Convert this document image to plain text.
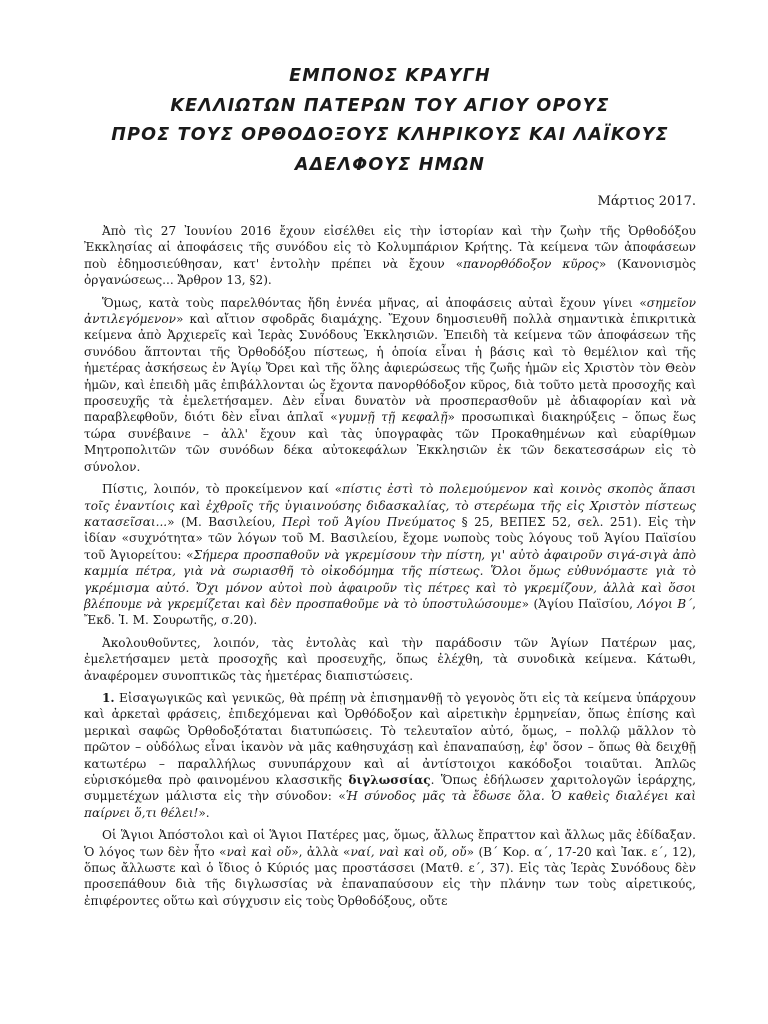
ΕΜΠΟΝΟΣ ΚΡΑΥΓΗ

ΚΕΛΛΙΩΤΩΝ ΠΑΤΕΡΩΝ ΤΟΥ ΑΓΙΟΥ ΟΡΟΥΣ

ΠΡΟΣ ΤΟΥΣ ΟΡΘΟΔΟΞΟΥΣ ΚΛΗΡΙΚΟΥΣ ΚΑΙ ΛΑΪΚΟΥΣ

ΑΔΕΛΦΟΥΣ ΗΜΩΝ

Μάρτιος 2017.

Ἀπὸ τὶς 27 Ἰουνίου 2016 ἔχουν εἰσέλθει εἰς τὴν ἱστορίαν καὶ τὴν ζωὴν τῆς Ὀρθοδόξου Ἐκκλησίας αἱ ἀποφάσεις τῆς συνόδου εἰς τὸ Κολυμπάριον Κρήτης. Τὰ κείμενα τῶν ἀποφάσεων ποὺ ἐδημοσιεύθησαν, κατ' ἐντολὴν πρέπει νὰ ἔχουν «πανορθόδοξον κῦρος» (Κανονισμὸς ὀργανώσεως... Ἄρθρον 13, §2).

Ὅμως, κατὰ τοὺς παρελθόντας ἤδη ἐννέα μῆνας, αἱ ἀποφάσεις αὐταὶ ἔχουν γίνει «σημεῖον ἀντιλεγόμενον» καὶ αἴτιον σφοδρᾶς διαμάχης. Ἔχουν δημοσιευθῆ πολλὰ σημαντικὰ ἐπικριτικὰ κείμενα ἀπὸ Ἀρχιερεῖς καὶ Ἱερὰς Συνόδους Ἐκκλησιῶν. Ἐπειδὴ τὰ κείμενα τῶν ἀποφάσεων τῆς συνόδου ἅπτονται τῆς Ὀρθοδόξου πίστεως, ἡ ὁποία εἶναι ἡ βάσις καὶ τὸ θεμέλιον καὶ τῆς ἡμετέρας ἀσκήσεως ἐν Ἁγίῳ Ὄρει καὶ τῆς ὅλης ἀφιερώσεως τῆς ζωῆς ἡμῶν εἰς Χριστὸν τὸν Θεὸν ἡμῶν, καὶ ἐπειδὴ μᾶς ἐπιβάλλονται ὡς ἔχοντα πανορθόδοξον κῦρος, διὰ τοῦτο μετὰ προσοχῆς καὶ προσευχῆς τὰ ἐμελετήσαμεν. Δὲν εἶναι δυνατὸν νὰ προσπερασθοῦν μὲ ἀδιαφορίαν καὶ νὰ παραβλεφθοῦν, διότι δὲν εἶναι ἁπλαῖ «γυμνῇ τῇ κεφαλῇ» προσωπικαὶ διακηρύξεις – ὅπως ἕως τώρα συνέβαινε – ἀλλ' ἔχουν καὶ τὰς ὑπογραφὰς τῶν Προκαθημένων καὶ εὐαρίθμων Μητροπολιτῶν τῶν συνόδων δέκα αὐτοκεφάλων Ἐκκλησιῶν ἐκ τῶν δεκατεσσάρων εἰς τὸ σύνολον.

Πίστις, λοιπόν, τὸ προκείμενον καί «πίστις ἐστὶ τὸ πολεμούμενον καὶ κοινὸς σκοπὸς ἅπασι τοῖς ἐναντίοις καὶ ἐχθροῖς τῆς ὑγιαινούσης διδασκαλίας, τὸ στερέωμα τῆς εἰς Χριστὸν πίστεως κατασεῖσαι...» (Μ. Βασιλείου, Περὶ τοῦ Ἁγίου Πνεύματος § 25, ΒΕΠΕΣ 52, σελ. 251). Εἰς τὴν ἰδίαν «συχνότητα» τῶν λόγων τοῦ Μ. Βασιλείου, ἔχομε νωποὺς τοὺς λόγους τοῦ Ἁγίου Παϊσίου τοῦ Ἁγιορείτου: «Σήμερα προσπαθοῦν νὰ γκρεμίσουν τὴν πίστη, γι' αὐτὸ ἀφαιροῦν σιγά-σιγὰ ἀπὸ καμμία πέτρα, γιὰ νὰ σωριασθῆ τὸ οἰκοδόμημα τῆς πίστεως. Ὅλοι ὅμως εὐθυνόμαστε γιὰ τὸ γκρέμισμα αὐτό. Ὄχι μόνον αὐτοὶ ποὺ ἀφαιροῦν τὶς πέτρες καὶ τὸ γκρεμίζουν, ἀλλὰ καὶ ὅσοι βλέπουμε νὰ γκρεμίζεται καὶ δὲν προσπαθοῦμε νὰ τὸ ὑποστυλώσουμε» (Ἁγίου Παϊσίου, Λόγοι Β΄, Ἔκδ. Ἱ. Μ. Σουρωτῆς, σ.20).

Ἀκολουθοῦντες, λοιπόν, τὰς ἐντολὰς καὶ τὴν παράδοσιν τῶν Ἁγίων Πατέρων μας, ἐμελετήσαμεν μετὰ προσοχῆς καὶ προσευχῆς, ὅπως ἐλέχθη, τὰ συνοδικὰ κείμενα. Κάτωθι, ἀναφέρομεν συνοπτικῶς τὰς ἡμετέρας διαπιστώσεις.

1. Εἰσαγωγικῶς καὶ γενικῶς, θὰ πρέπῃ νὰ ἐπισημανθῇ τὸ γεγονὸς ὅτι εἰς τὰ κείμενα ὑπάρχουν καὶ ἀρκεταὶ φράσεις, ἐπιδεχόμεναι καὶ Ὀρθόδοξον καὶ αἱρετικὴν ἑρμηνείαν, ὅπως ἐπίσης καὶ μερικαὶ σαφῶς Ὀρθοδοξόταται διατυπώσεις. Τὸ τελευταῖον αὐτό, ὅμως, – πολλῷ μᾶλλον τὸ πρῶτον – οὐδόλως εἶναι ἱκανὸν νὰ μᾶς καθησυχάσῃ καὶ ἐπαναπαύσῃ, ἐφ' ὅσον – ὅπως θὰ δειχθῇ κατωτέρω – παραλλήλως συνυπάρχουν καὶ αἱ ἀντίστοιχοι κακόδοξοι τοιαῦται. Ἁπλῶς εὑρισκόμεθα πρὸ φαινομένου κλασσικῆς διγλωσσίας. Ὅπως ἐδήλωσεν χαριτολογῶν ἱεράρχης, συμμετέχων μάλιστα εἰς τὴν σύνοδον: «Ἡ σύνοδος μᾶς τὰ ἔδωσε ὅλα. Ὁ καθεὶς διαλέγει καὶ παίρνει ὅ,τι θέλει!».

Οἱ Ἅγιοι Ἀπόστολοι καὶ οἱ Ἅγιοι Πατέρες μας, ὅμως, ἄλλως ἔπραττον καὶ ἄλλως μᾶς ἐδίδαξαν. Ὁ λόγος των δὲν ἦτο «ναὶ καὶ οὔ», ἀλλὰ «ναί, ναὶ καὶ οὔ, οὔ» (Β΄ Κορ. α΄, 17-20 καὶ Ἰακ. ε΄, 12), ὅπως ἄλλωστε καὶ ὁ ἴδιος ὁ Κύριός μας προστάσσει (Ματθ. ε΄, 37). Εἰς τὰς Ἱερὰς Συνόδους δὲν προσεπάθουν διὰ τῆς διγλωσσίας νὰ ἐπαναπαύσουν εἰς τὴν πλάνην των τοὺς αἱρετικούς, ἐπιφέροντες οὕτω καὶ σύγχυσιν εἰς τοὺς Ὀρθοδόξους, οὔτε
